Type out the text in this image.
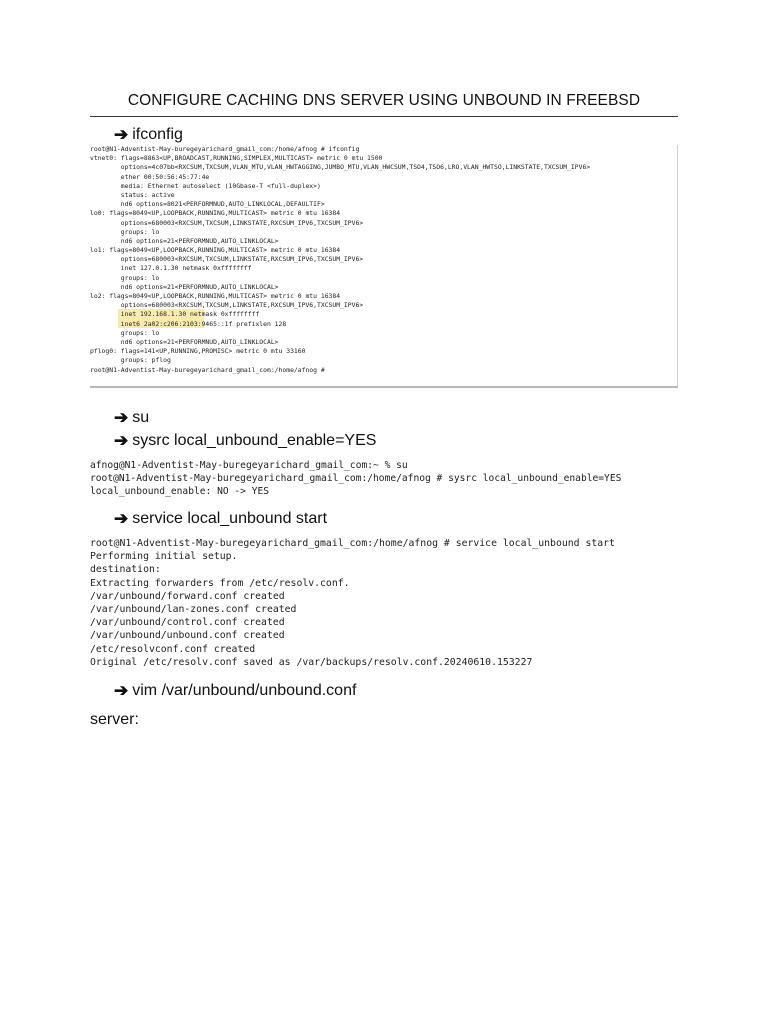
CONFIGURE CACHING DNS SERVER USING UNBOUND IN FREEBSD
➔ ifconfig
root@N1-Adventist-May-buregeyarichard_gmail_com:/home/afnog # ifconfig
vtnet0: flags=8863<UP,BROADCAST,RUNNING,SIMPLEX,MULTICAST> metric 0 mtu 1500
options=4c07bb<RXCSUM,TXCSUM,VLAN_MTU,VLAN_HWTAGGING,JUMBO_MTU,VLAN_HWCSUM,TSO4,TSO6,LRO,VLAN_HWTSO,LINKSTATE,TXCSUM_IPV6>
ether 00:50:56:45:77:4e
media: Ethernet autoselect (10Gbase-T <full-duplex>)
status: active
nd6 options=8021<PERFORMNUD,AUTO_LINKLOCAL,DEFAULTIF>
lo0: flags=8049<UP,LOOPBACK,RUNNING,MULTICAST> metric 0 mtu 16384
options=680003<RXCSUM,TXCSUM,LINKSTATE,RXCSUM_IPV6,TXCSUM_IPV6>
groups: lo
nd6 options=21<PERFORMNUD,AUTO_LINKLOCAL>
lo1: flags=8049<UP,LOOPBACK,RUNNING,MULTICAST> metric 0 mtu 16384
options=680003<RXCSUM,TXCSUM,LINKSTATE,RXCSUM_IPV6,TXCSUM_IPV6>
inet 127.0.1.30 netmask 0xffffffff
groups: lo
nd6 options=21<PERFORMNUD,AUTO_LINKLOCAL>
lo2: flags=8049<UP,LOOPBACK,RUNNING,MULTICAST> metric 0 mtu 16384
options=680003<RXCSUM,TXCSUM,LINKSTATE,RXCSUM_IPV6,TXCSUM_IPV6>
inet 192.168.1.30 netmask 0xffffffff
inet6 2a02:c206:2103:9465::1f prefixlen 128
groups: lo
nd6 options=21<PERFORMNUD,AUTO_LINKLOCAL>
pflog0: flags=141<UP,RUNNING,PROMISC> metric 0 mtu 33160
groups: pflog
root@N1-Adventist-May-buregeyarichard_gmail_com:/home/afnog #
➔ su
➔ sysrc local_unbound_enable=YES
afnog@N1-Adventist-May-buregeyarichard_gmail_com:~ % su
root@N1-Adventist-May-buregeyarichard_gmail_com:/home/afnog # sysrc local_unbound_enable=YES
local_unbound_enable: NO -> YES
➔ service local_unbound start
root@N1-Adventist-May-buregeyarichard_gmail_com:/home/afnog # service local_unbound start
Performing initial setup.
destination:
Extracting forwarders from /etc/resolv.conf.
/var/unbound/forward.conf created
/var/unbound/lan-zones.conf created
/var/unbound/control.conf created
/var/unbound/unbound.conf created
/etc/resolvconf.conf created
Original /etc/resolv.conf saved as /var/backups/resolv.conf.20240610.153227
➔ vim /var/unbound/unbound.conf
server:
